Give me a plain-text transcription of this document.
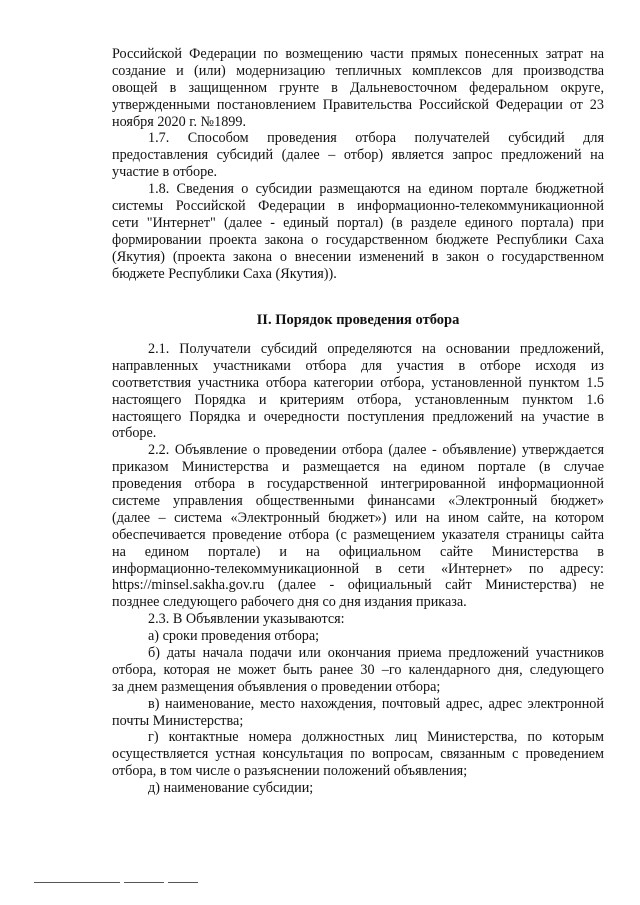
Российской Федерации по возмещению части прямых понесенных затрат на
создание и (или) модернизацию тепличных комплексов для производства
овощей в защищенном грунте в Дальневосточном федеральном округе,
утвержденными постановлением Правительства Российской Федерации от 23
ноября 2020 г. №1899.
1.7. Способом проведения отбора получателей субсидий для
предоставления субсидий (далее – отбор) является запрос предложений на
участие в отборе.
1.8. Сведения о субсидии размещаются на едином портале бюджетной
системы Российской Федерации в информационно-телекоммуникационной
сети "Интернет" (далее - единый портал) (в разделе единого портала) при
формировании проекта закона о государственном бюджете Республики Саха
(Якутия) (проекта закона о внесении изменений в закон о государственном
бюджете Республики Саха (Якутия)).
II. Порядок проведения отбора
2.1. Получатели субсидий определяются на основании предложений,
направленных участниками отбора для участия в отборе исходя из
соответствия участника отбора категории отбора, установленной пунктом 1.5
настоящего Порядка и критериям отбора, установленным пунктом 1.6
настоящего Порядка и очередности поступления предложений на участие в
отборе.
2.2. Объявление о проведении отбора (далее - объявление) утверждается
приказом Министерства и размещается на едином портале (в случае
проведения отбора в государственной интегрированной информационной
системе управления общественными финансами «Электронный бюджет»
(далее – система «Электронный бюджет») или на ином сайте, на котором
обеспечивается проведение отбора (с размещением указателя страницы сайта
на едином портале) и на официальном сайте Министерства в
информационно-телекоммуникационной в сети «Интернет» по адресу:
https://minsel.sakha.gov.ru (далее - официальный сайт Министерства) не
позднее следующего рабочего дня со дня издания приказа.
2.3. В Объявлении указываются:
а) сроки проведения отбора;
б) даты начала подачи или окончания приема предложений участников
отбора, которая не может быть ранее 30 –го календарного дня, следующего
за днем размещения объявления о проведении отбора;
в) наименование, место нахождения, почтовый адрес, адрес электронной
почты Министерства;
г) контактные номера должностных лиц Министерства, по которым
осуществляется устная консультация по вопросам, связанным с проведением
отбора, в том числе о разъяснении положений объявления;
д) наименование субсидии;
